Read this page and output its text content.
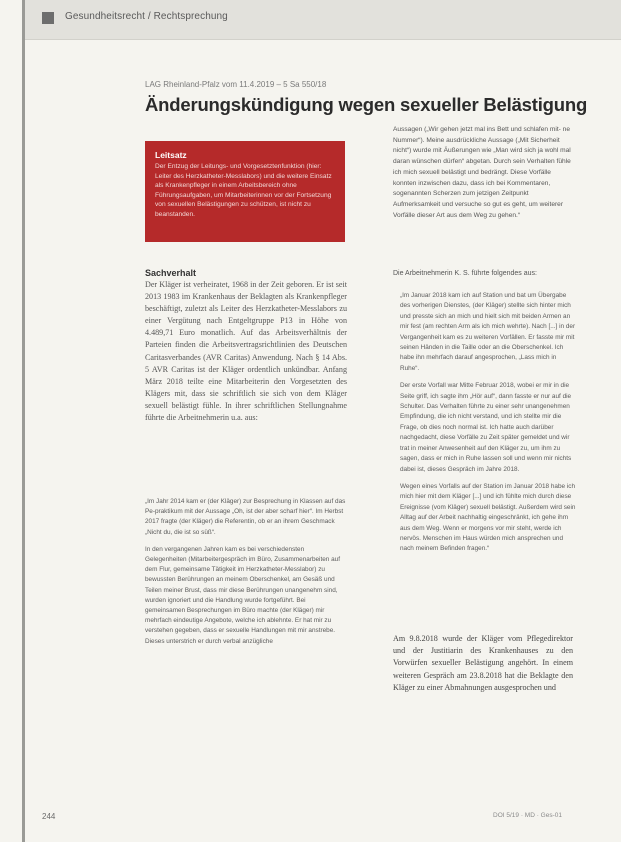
Gesundheitsrecht / Rechtsprechung
LAG Rheinland-Pfalz vom 11.4.2019 – 5 Sa 550/18
Änderungskündigung wegen sexueller Belästigung
Leitsatz
Der Entzug der Leitungs- und Vorgesetztenfunktion (hier: Leiter des Herzkatheter-Messlabors) und die weitere Einsatz als Krankenpfleger in einem Arbeitsbereich ohne Führungsaufgaben, um Mitarbeiterinnen vor der Fortsetzung von sexuellen Belästigungen zu schützen, ist nicht zu beanstanden.
Aussagen („Wir gehen jetzt mal ins Bett und schlafen mit- ne Nummer“). Meine ausdrückliche Aussage („Mit Sicherheit nicht“) wurde mit Äußerungen wie „Man wird sich ja wohl mal daran wünschen dürfen“ abgetan. Durch sein Verhalten fühle ich mich sexuell belästigt und bedrängt. Diese Vorfälle konnten inzwischen dazu, dass ich bei Kommentaren, sogenannten Scherzen zum jetzigen Zeitpunkt Aufmerksamkeit und versuche so gut es geht, um weiterer Vorfälle dieser Art aus dem Weg zu gehen.“
Sachverhalt
Der Kläger ist verheiratet, 1968 in der Zeit geboren. Er ist seit 2013 1983 im Krankenhaus der Beklagten als Krankenpfleger beschäftigt, zuletzt als Leiter des Herzkatheter-Messlabors zu einer Vergütung nach Entgeltgruppe P13 in Höhe von 4.489,71 Euro monatlich. Auf das Arbeitsverhältnis der Parteien finden die Arbeitsvertragsrichtlinien des Deutschen Caritasverbandes (AVR Caritas) Anwendung. Nach § 14 Abs. 5 AVR Caritas ist der Kläger ordentlich unkündbar. Anfang März 2018 teilte eine Mitarbeiterin den Vorgesetzten des Klägers mit, dass sie schriftlich sie sich von dem Kläger sexuell belästigt fühle. In ihrer schriftlichen Stellungnahme führte die Arbeitnehmerin u.a. aus:

„Im Jahr 2014 kam er (der Kläger) zur Besprechung in Klassen auf das Pe-praktikum mit der Aussage „Oh, ist der aber scharf hier“. Im Herbst 2017 fragte (der Kläger) die Referentin, ob er an ihrem Geschmack „Nicht du, die ist so süß“.

In den vergangenen Jahren kam es bei verschiedensten Gelegenheiten (Mitarbeitergespräch im Büro, Zusammenarbeiten auf dem Flur, gemeinsame Tätigkeit im Herzkatheter-Messlabor) zu bewussten Berührungen an meinem Oberschenkel, am Gesäß und Teilen meiner Brust, dass mir diese Berührungen unangenehm sind, wurden ignoriert und die Handlung wurde fortgeführt. Bei gemeinsamen Besprechungen im Büro machte (der Kläger) mir mehrfach eindeutige Angebote, welche ich ablehnte. Er hat mir zu verstehen gegeben, dass er sexuelle Handlungen mit mir anstrebe. Dieses unterstrich er durch verbal anzügliche

Die Arbeitnehmerin K. S. führte folgendes aus:

„Im Januar 2018 kam ich auf Station und bat um Übergabe des vorherigen Dienstes, (der Kläger) stellte sich hinter mich und presste sich an mich und hielt sich mit beiden Armen an mir fest (am rechten Arm als ich mich wehrte). Nach [...] in der Vergangenheit kam es zu weiteren Vorfällen. Er fasste mir mit seinen Händen in die Taille oder an die Oberschenkel. Ich habe ihn mehrfach darauf angesprochen, „Lass mich in Ruhe“.

Der erste Vorfall war Mitte Februar 2018, wobei er mir in die Seite griff, ich sagte ihm „Hör auf“, dann fasste er nur auf die Schulter. Das Verhalten führte zu einer sehr unangenehmen Empfindung, die ich nicht verstand, und ich stellte mir die Frage, ob dies noch normal ist. Ich hatte auch darüber nachgedacht, diese Vorfälle zu Zeit später gemeldet und wir trat in meiner Anwesenheit auf den Kläger zu, um ihm zu sagen, dass er mich in Ruhe lassen soll und wenn mir nichts dabei ist, dieses Gespräch im Jahre 2018.

Wegen eines Vorfalls auf der Station im Januar 2018 habe ich mich hier mit dem Kläger [...] und ich fühlte mich durch diese Ereignisse (vom Kläger) sexuell belästigt. Außerdem wird sein Alltag auf der Arbeit nachhaltig eingeschränkt, ich gehe ihm aus dem Weg. Wenn er morgens vor mir steht, werde ich nervös. Menschen im Haus würden mich ansprechen und nach meinem Befinden fragen.“

Am 9.8.2018 wurde der Kläger vom Pflegedirektor und der Justitiarin des Krankenhauses zu den Vorwürfen sexueller Belästigung angehört. In einem weiteren Gespräch am 23.8.2018 hat die Beklagte den Kläger zu einer Abmahnungen ausgesprochen und
244	DOI 5/19 · MD · Ges-01
